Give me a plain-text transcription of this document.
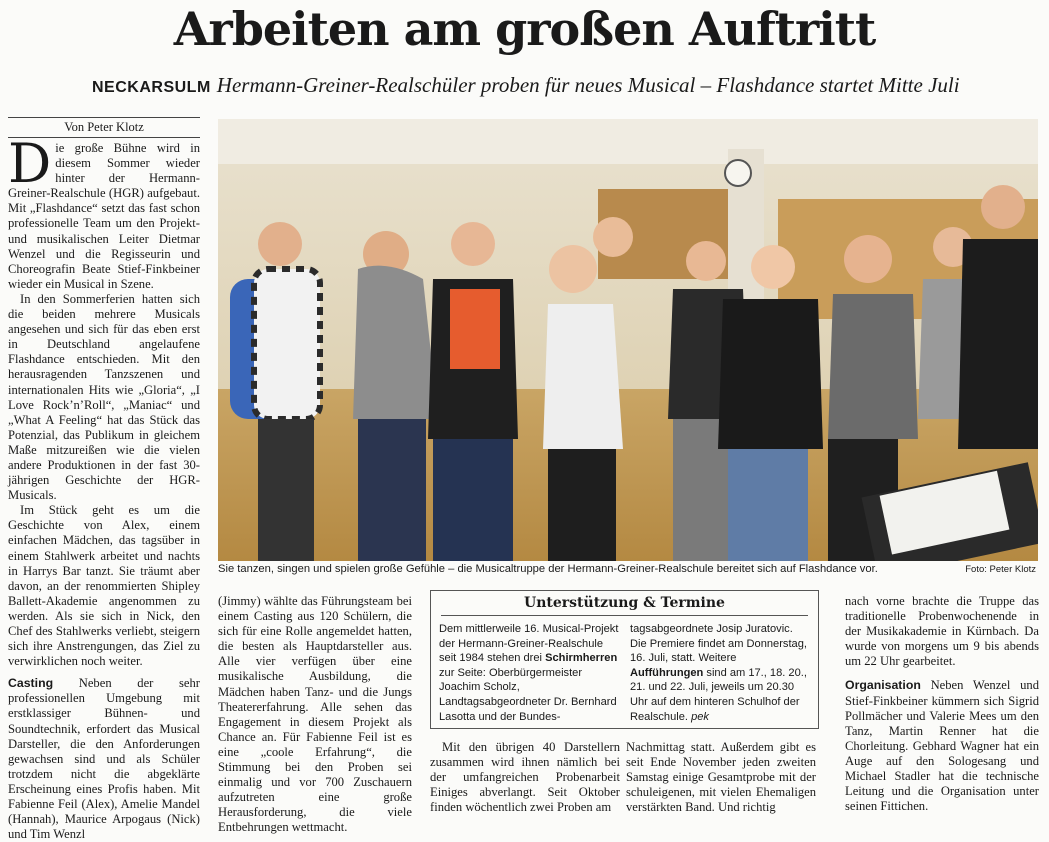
Arbeiten am großen Auftritt
NECKARSULM Hermann-Greiner-Realschüler proben für neues Musical – Flashdance startet Mitte Juli
Von Peter Klotz

Die große Bühne wird in diesem Sommer wieder hinter der Hermann-Greiner-Realschule (HGR) aufgebaut. Mit „Flashdance“ setzt das fast schon professionelle Team um den Projekt- und musikalischen Leiter Dietmar Wenzel und die Regisseurin und Choreografin Beate Stief-Finkbeiner wieder ein Musical in Szene.

In den Sommerferien hatten sich die beiden mehrere Musicals angesehen und sich für das eben erst in Deutschland angelaufene Flashdance entschieden. Mit den herausragenden Tanzszenen und internationalen Hits wie „Gloria“, „I Love Rock’n’Roll“, „Maniac“ und „What A Feeling“ hat das Stück das Potenzial, das Publikum in gleichem Maße mitzureißen wie die vielen andere Produktionen in der fast 30-jährigen Geschichte der HGR-Musicals.

Im Stück geht es um die Geschichte von Alex, einem einfachen Mädchen, das tagsüber in einem Stahlwerk arbeitet und nachts in Harrys Bar tanzt. Sie träumt aber davon, an der renommierten Shipley Ballett-Akademie angenommen zu werden. Als sie sich in Nick, den Chef des Stahlwerks verliebt, steigern sich ihre Anstrengungen, das Ziel zu verwirklichen noch weiter.

Casting Neben der sehr professionellen Umgebung mit erstklassiger Bühnen- und Soundtechnik, erfordert das Musical Darsteller, die den Anforderungen gewachsen sind und als Schüler trotzdem nicht die abgeklärte Erscheinung eines Profis haben. Mit Fabienne Feil (Alex), Amelie Mandel (Hannah), Maurice Arpogaus (Nick) und Tim Wenzl

Sie tanzen, singen und spielen große Gefühle – die Musicaltruppe der Hermann-Greiner-Realschule bereitet sich auf Flashdance vor.	Foto: Peter Klotz

(Jimmy) wählte das Führungsteam bei einem Casting aus 120 Schülern, die sich für eine Rolle angemeldet hatten, die besten als Hauptdarsteller aus. Alle vier verfügen über eine musikalische Ausbildung, die Mädchen haben Tanz- und die Jungs Theatererfahrung. Alle sehen das Engagement in diesem Projekt als Chance an. Für Fabienne Feil ist es eine „coole Erfahrung“, die Stimmung bei den Proben sei einmalig und vor 700 Zuschauern aufzutreten eine große Herausforderung, die viele Entbehrungen wettmacht.

Unterstützung & Termine
Dem mittlerweile 16. Musical-Projekt der Hermann-Greiner-Realschule seit 1984 stehen drei Schirmherren zur Seite: Oberbürgermeister Joachim Scholz, Landtagsabgeordneter Dr. Bernhard Lasotta und der Bundes-
tagsabgeordnete Josip Juratovic. Die Premiere findet am Donnerstag, 16. Juli, statt. Weitere Aufführungen sind am 17., 18. 20., 21. und 22. Juli, jeweils um 20.30 Uhr auf dem hinteren Schulhof der Realschule. pek

Mit den übrigen 40 Darstellern zusammen wird ihnen nämlich bei der umfangreichen Probenarbeit Einiges abverlangt. Seit Oktober finden wöchentlich zwei Proben am

Nachmittag statt. Außerdem gibt es seit Ende November jeden zweiten Samstag einige Gesamtprobe mit der schuleigenen, mit vielen Ehemaligen verstärkten Band. Und richtig

nach vorne brachte die Truppe das traditionelle Probenwochenende in der Musikakademie in Kürnbach. Da wurde von morgens um 9 bis abends um 22 Uhr gearbeitet.

Organisation Neben Wenzel und Stief-Finkbeiner kümmern sich Sigrid Pollmächer und Valerie Mees um den Tanz, Martin Renner hat die Chorleitung. Gebhard Wagner hat ein Auge auf den Sologesang und Michael Stadler hat die technische Leitung und die Organisation unter seinen Fittichen.
